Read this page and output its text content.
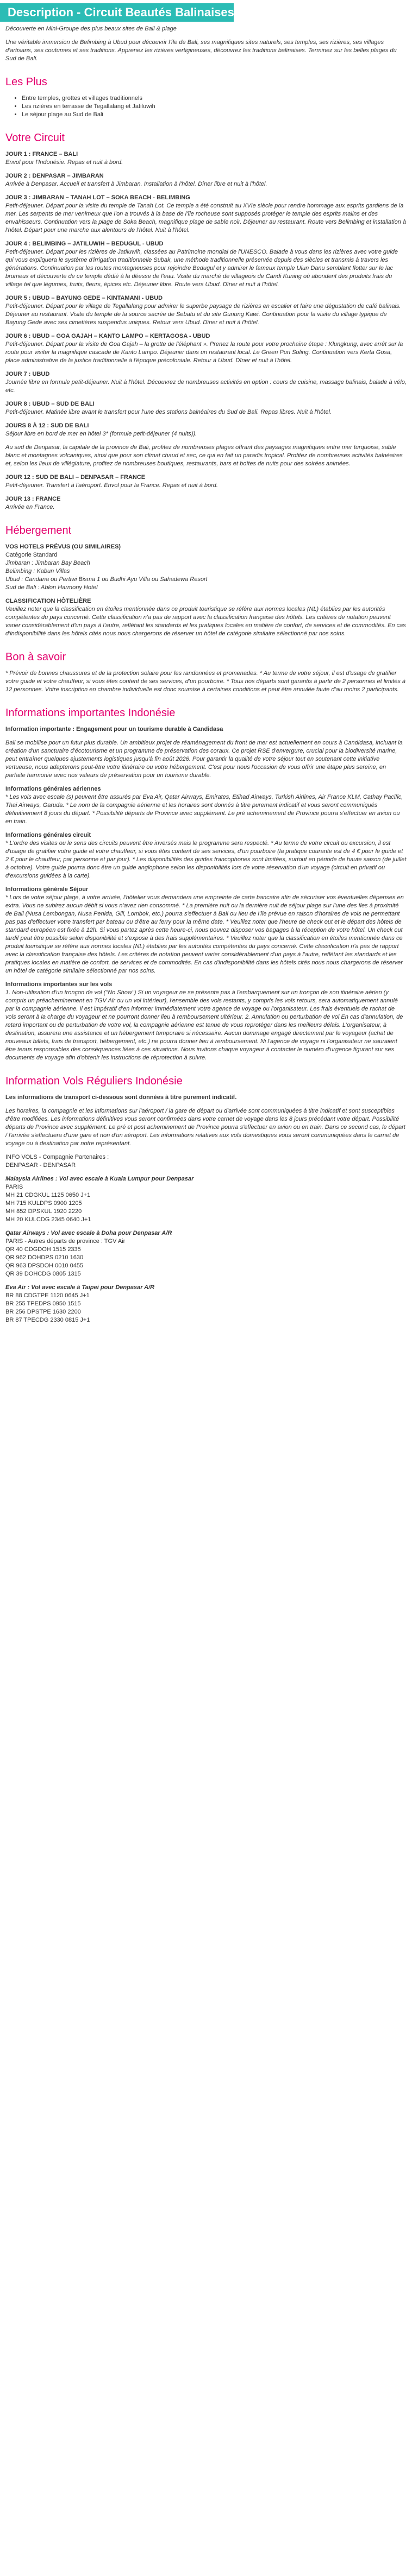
Description - Circuit Beautés Balinaises
Découverte en Mini-Groupe des plus beaux sites de Bali & plage
Une véritable immersion de Belimbing à Ubud pour découvrir l'île de Bali, ses magnifiques sites naturels, ses temples, ses rizières, ses villages d'artisans, ses coutumes et ses traditions. Apprenez les rizières vertigineuses, découvrez les traditions balinaises. Terminez sur les belles plages du Sud de Bali.
Les Plus
• Entre temples, grottes et villages traditionnels
• Les rizières en terrasse de Tegallalang et Jatiluwih
• Le séjour plage au Sud de Bali
Votre Circuit
JOUR 1 : FRANCE – BALI
Envol pour l'Indonésie. Repas et nuit à bord.
JOUR 2 : DENPASAR – JIMBARAN
Arrivée à Denpasar. Accueil et transfert à Jimbaran. Installation à l'hôtel. Dîner libre et nuit à l'hôtel.
JOUR 3 : JIMBARAN – TANAH LOT – SOKA BEACH - BELIMBING
Petit-déjeuner. Départ pour la visite du temple de Tanah Lot. Ce temple a été construit au XVIe siècle pour rendre hommage aux esprits gardiens de la mer. Les serpents de mer venimeux que l'on a trouvés à la base de l'île rocheuse sont supposés protéger le temple des esprits malins et des envahisseurs. Continuation vers la plage de Soka Beach, magnifique plage de sable noir. Déjeuner au restaurant. Route vers Belimbing et installation à l'hôtel. Départ pour une marche aux alentours de l'hôtel. Nuit à l'hôtel.
JOUR 4 : BELIMBING – JATILUWIH – BEDUGUL - UBUD
Petit-déjeuner. Départ pour les rizières de Jatiluwih, classées au Patrimoine mondial de l'UNESCO. Balade à vous dans les rizières avec votre guide qui vous expliquera le système d'irrigation traditionnelle Subak, une méthode traditionnelle préservée depuis des siècles et transmis à travers les générations. Continuation par les routes montagneuses pour rejoindre Bedugul et y admirer le fameux temple Ulun Danu semblant flotter sur le lac brumeux et découverte de ce temple dédié à la déesse de l'eau. Visite du marché de villageois de Candi Kuning où abondent des produits frais du village tel que légumes, fruits, fleurs, épices etc. Déjeuner libre. Route vers Ubud. Dîner et nuit à l'hôtel.
JOUR 5 : UBUD – BAYUNG GEDE – KINTAMANI - UBUD
Petit-déjeuner. Départ pour le village de Tegallalang pour admirer le superbe paysage de rizières en escalier et faire une dégustation de café balinais. Déjeuner au restaurant. Visite du temple de la source sacrée de Sebatu et du site Gunung Kawi. Continuation pour la visite du village typique de Bayung Gede avec ses cimetières suspendus uniques. Retour vers Ubud. Dîner et nuit à l'hôtel.
JOUR 6 : UBUD – GOA GAJAH – KANTO LAMPO – KERTAGOSA - UBUD
Petit-déjeuner. Départ pour la visite de Goa Gajah – la grotte de l'éléphant ». Prenez la route pour votre prochaine étape : Klungkung, avec arrêt sur la route pour visiter la magnifique cascade de Kanto Lampo. Déjeuner dans un restaurant local. Le Green Puri Soling. Continuation vers Kerta Gosa, place administrative de la justice traditionnelle à l'époque précoloniale. Retour à Ubud. Dîner et nuit à l'hôtel.
JOUR 7 : UBUD
Journée libre en formule petit-déjeuner. Nuit à l'hôtel. Découvrez de nombreuses activités en option : cours de cuisine, massage balinais, balade à vélo, etc.
JOUR 8 : UBUD – SUD DE BALI
Petit-déjeuner. Matinée libre avant le transfert pour l'une des stations balnéaires du Sud de Bali. Repas libres. Nuit à l'hôtel.
JOURS 8 À 12 : SUD DE BALI
Séjour libre en bord de mer en hôtel 3* (formule petit-déjeuner (4 nuits)).
Au sud de Denpasar, la capitale de la province de Bali, profitez de nombreuses plages offrant des paysages magnifiques entre mer turquoise, sable blanc et montagnes volcaniques, ainsi que pour son climat chaud et sec, ce qui en fait un paradis tropical. Profitez de nombreuses activités balnéaires et, selon les lieux de villégiature, profitez de nombreuses boutiques, restaurants, bars et boîtes de nuits pour des soirées animées.
JOUR 12 : SUD DE BALI – DENPASAR – FRANCE
Petit-déjeuner. Transfert à l'aéroport. Envol pour la France. Repas et nuit à bord.
JOUR 13 : FRANCE
Arrivée en France.
Hébergement
VOS HOTELS PRÉVUS (OU SIMILAIRES)
Catégorie Standard
Jimbaran : Jimbaran Bay Beach
Belimbing : Kabun Villas
Ubud : Candana ou Pertiwi Bisma 1 ou Budhi Ayu Villa ou Sahadewa Resort
Sud de Bali : Ablon Harmony Hotel
CLASSIFICATION HÔTELIÈRE
Veuillez noter que la classification en étoiles mentionnée dans ce produit touristique se réfère aux normes locales (NL) établies par les autorités compétentes du pays concerné. Cette classification n'a pas de rapport avec la classification française des hôtels. Les critères de notation peuvent varier considérablement d'un pays à l'autre, reflétant les standards et les pratiques locales en matière de confort, de services et de commodités. En cas d'indisponibilité dans les hôtels cités nous nous chargerons de réserver un hôtel de catégorie similaire sélectionné par nos soins.
Bon à savoir
* Prévoir de bonnes chaussures et de la protection solaire pour les randonnées et promenades. * Au terme de votre séjour, il est d'usage de gratifier votre guide et votre chauffeur, si vous êtes content de ses services, d'un pourboire. * Tous nos départs sont garantis à partir de 2 personnes et limités à 12 personnes. Votre inscription en chambre individuelle est donc soumise à certaines conditions et peut être annulée faute d'au moins 2 participants.
Informations importantes Indonésie
Information importante : Engagement pour un tourisme durable à Candidasa
Bali se mobilise pour un futur plus durable. Un ambitieux projet de réaménagement du front de mer est actuellement en cours à Candidasa, incluant la création d'un sanctuaire d'écotourisme et un programme de préservation des coraux. Ce projet RSE d'envergure, crucial pour la biodiversité marine, peut entraîner quelques ajustements logistiques jusqu'à fin août 2026. Pour garantir la qualité de votre séjour tout en soutenant cette initiative vertueuse, nous adapterons peut-être votre itinéraire ou votre hébergement. C'est pour nous l'occasion de vous offrir une étape plus sereine, en parfaite harmonie avec nos valeurs de préservation pour un tourisme durable.
Informations générales aériennes
* Les vols avec escale (s) peuvent être assurés par Eva Air, Qatar Airways, Emirates, Etihad Airways, Turkish Airlines, Air France KLM, Cathay Pacific, Thai Airways, Garuda. * Le nom de la compagnie aérienne et les horaires sont donnés à titre purement indicatif et vous seront communiqués définitivement 8 jours du départ. * Possibilité départs de Province avec supplément. Le pré acheminement de Province pourra s'effectuer en avion ou en train.
Informations générales circuit
* L'ordre des visites ou le sens des circuits peuvent être inversés mais le programme sera respecté. * Au terme de votre circuit ou excursion, il est d'usage de gratifier votre guide et votre chauffeur, si vous êtes content de ses services, d'un pourboire (la pratique courante est de 4 € pour le guide et 2 € pour le chauffeur, par personne et par jour). * Les disponibilités des guides francophones sont limitées, surtout en période de haute saison (de juillet à octobre). Votre guide pourra donc être un guide anglophone selon les disponibilités lors de votre réservation d'un voyage (circuit en privatif ou d'excursions guidées à la carte).
Informations générale Séjour
* Lors de votre séjour plage, à votre arrivée, l'hôtelier vous demandera une empreinte de carte bancaire afin de sécuriser vos éventuelles dépenses en extra. Vous ne subirez aucun débit si vous n'avez rien consommé. * La première nuit ou la dernière nuit de séjour plage sur l'une des îles à proximité de Bali (Nusa Lembongan, Nusa Penida, Gili, Lombok, etc.) pourra s'effectuer à Bali ou Ileu de l'île prévue en raison d'horaires de vols ne permettant pas pas d'effectuer votre transfert par bateau ou d'être au ferry pour la même date. * Veuillez noter que l'heure de check out et le départ des hôtels de standard européen est fixée à 12h. Si vous partez après cette heure-ci, nous pouvez disposer vos bagages à la réception de votre hôtel. Un check out tardif peut être possible selon disponibilité et s'expose à des frais supplémentaires. * Veuillez noter que la classification en étoiles mentionnée dans ce produit touristique se réfère aux normes locales (NL) établies par les autorités compétentes du pays concerné. Cette classification n'a pas de rapport avec la classification française des hôtels. Les critères de notation peuvent varier considérablement d'un pays à l'autre, reflétant les standards et les pratiques locales en matière de confort, de services et de commodités. En cas d'indisponibilité dans les hôtels cités nous nous chargerons de réserver un hôtel de catégorie similaire sélectionné par nos soins.
Informations importantes sur les vols
1. Non-utilisation d'un tronçon de vol ("No Show") Si un voyageur ne se présente pas à l'embarquement sur un tronçon de son itinéraire aérien (y compris un préacheminement en TGV Air ou un vol intérieur), l'ensemble des vols restants, y compris les vols retours, sera automatiquement annulé par la compagnie aérienne. Il est impératif d'en informer immédiatement votre agence de voyage ou l'organisateur. Les frais éventuels de rachat de vols seront à la charge du voyageur et ne pourront donner lieu à remboursement ultérieur. 2. Annulation ou perturbation de vol En cas d'annulation, de retard important ou de perturbation de votre vol, la compagnie aérienne est tenue de vous reprotéger dans les meilleurs délais. L'organisateur, à destination, assurera une assistance et un hébergement temporaire si nécessaire. Aucun dommage engagé directement par le voyageur (achat de nouveaux billets, frais de transport, hébergement, etc.) ne pourra donner lieu à remboursement. Ni l'agence de voyage ni l'organisateur ne sauraient être tenus responsables des conséquences liées à ces situations. Nous invitons chaque voyageur à contacter le numéro d'urgence figurant sur ses documents de voyage afin d'obtenir les instructions de réprotection à suivre.
Information Vols Réguliers Indonésie
Les informations de transport ci-dessous sont données à titre purement indicatif.
Les horaires, la compagnie et les informations sur l'aéroport / la gare de départ ou d'arrivée sont communiquées à titre indicatif et sont susceptibles d'être modifiées. Les informations définitives vous seront confirmées dans votre carnet de voyage dans les 8 jours précédant votre départ. Possibilité départs de Province avec supplément. Le pré et post acheminement de Province pourra s'effectuer en avion ou en train. Dans ce second cas, le départ / l'arrivée s'effectuera d'une gare et non d'un aéroport. Les informations relatives aux vols domestiques vous seront communiquées dans le carnet de voyage ou à destination par notre représentant.
INFO VOLS - Compagnie Partenaires :
DENPASAR - DENPASAR
Malaysia Airlines : Vol avec escale à Kuala Lumpur pour Denpasar
PARIS
MH 21 CDGKUL 1125 0650 J+1
MH 715 KULDPS 0900 1205
MH 852 DPSKUL 1920 2220
MH 20 KULCDG 2345 0640 J+1
Qatar Airways : Vol avec escale à Doha pour Denpasar A/R
PARIS - Autres départs de province : TGV Air
QR 40 CDGDOH 1515 2335
QR 962 DOHDPS 0210 1630
QR 963 DPSDOH 0010 0455
QR 39 DOHCDG 0805 1315
Eva Air : Vol avec escale à Taipei pour Denpasar A/R
BR 88 CDGTPE 1120 0645 J+1
BR 255 TPEDPS 0950 1515
BR 256 DPSTPE 1630 2200
BR 87 TPECDG 2330 0815 J+1
